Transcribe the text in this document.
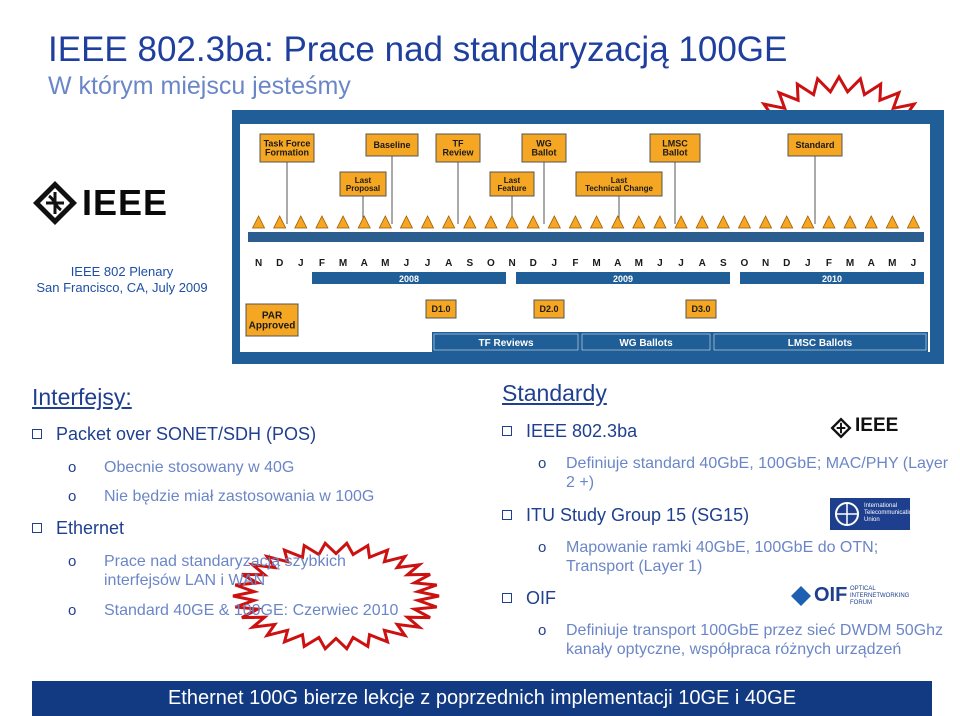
IEEE 802.3ba: Prace nad standaryzacją 100GE
W którym miejscu jesteśmy
IEEE
IEEE 802 Plenary
San Francisco, CA, July 2009
Task Force
Formation
Baseline	TF
Review
WG
Ballot
LMSC
Ballot
Standard
Last
Proposal
Last
Feature
Last
Technical Change
N D J F M A M J J A S O N D J F M A M J J A S O N D J F M A M J
2008	2009	2010
D1.0	D2.0	D3.0
PAR
Approved
TF Reviews	WG Ballots	LMSC Ballots
Interfejsy:
Packet over SONET/SDH (POS)
o Obecnie stosowany w 40G
o Nie będzie miał zastosowania w 100G
Ethernet
o Prace nad standaryzacją szybkich interfejsów LAN i WAN
o Standard 40GE & 100GE: Czerwiec 2010
Standardy
IEEE 802.3ba	IEEE
o Definiuje standard 40GbE, 100GbE; MAC/PHY (Layer 2 +)
ITU Study Group 15 (SG15)	International Telecommunication Union
o Mapowanie ramki 40GbE, 100GbE do OTN; Transport (Layer 1)
OIF	OIF OPTICAL
INTERNETWORKING
FORUM
o Definiuje transport 100GbE przez sieć DWDM 50Ghz kanały optyczne, współpraca różnych urządzeń
Ethernet 100G bierze lekcje z poprzednich implementacji 10GE i 40GE
